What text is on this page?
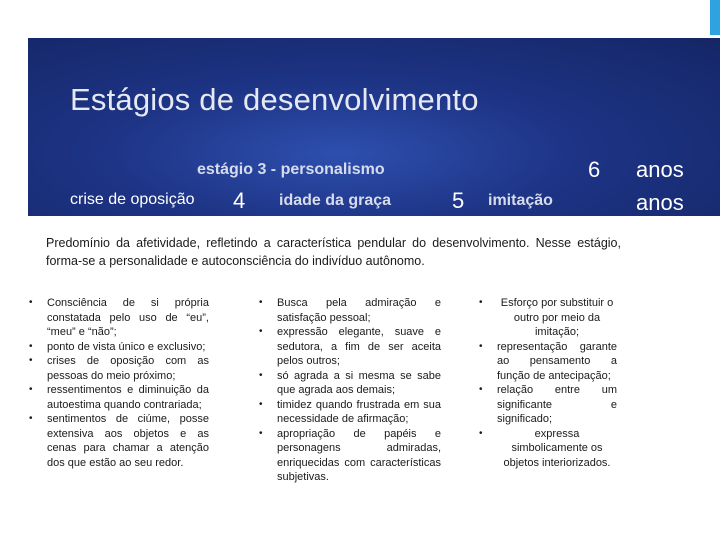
Estágios de desenvolvimento
3	estágio 3 - personalismo	6 anos
anos
crise de oposição 4 idade da graça	5 imitação
Predomínio da afetividade, refletindo a característica pendular do desenvolvimento. Nesse estágio, forma-se a personalidade e autoconsciência do indivíduo autônomo.
• Consciência de si própria constatada pelo uso de “eu”, “meu” e “não”;
• ponto de vista único e exclusivo;
• crises de oposição com as pessoas do meio próximo;
• ressentimentos e diminuição da autoestima quando contrariada;
• sentimentos de ciúme, posse extensiva aos objetos e as cenas para chamar a atenção dos que estão ao seu redor.
• Busca pela admiração e satisfação pessoal;
• expressão elegante, suave e sedutora, a fim de ser aceita pelos outros;
• só agrada a si mesma se sabe que agrada aos demais;
• timidez quando frustrada em sua necessidade de afirmação;
• apropriação de papéis e personagens admiradas, enriquecidas com características subjetivas.
• Esforço por substituir o outro por meio da imitação;
• representação garante ao pensamento a função de antecipação;
• relação entre um significante e significado;
• expressa simbolicamente os objetos interiorizados.
